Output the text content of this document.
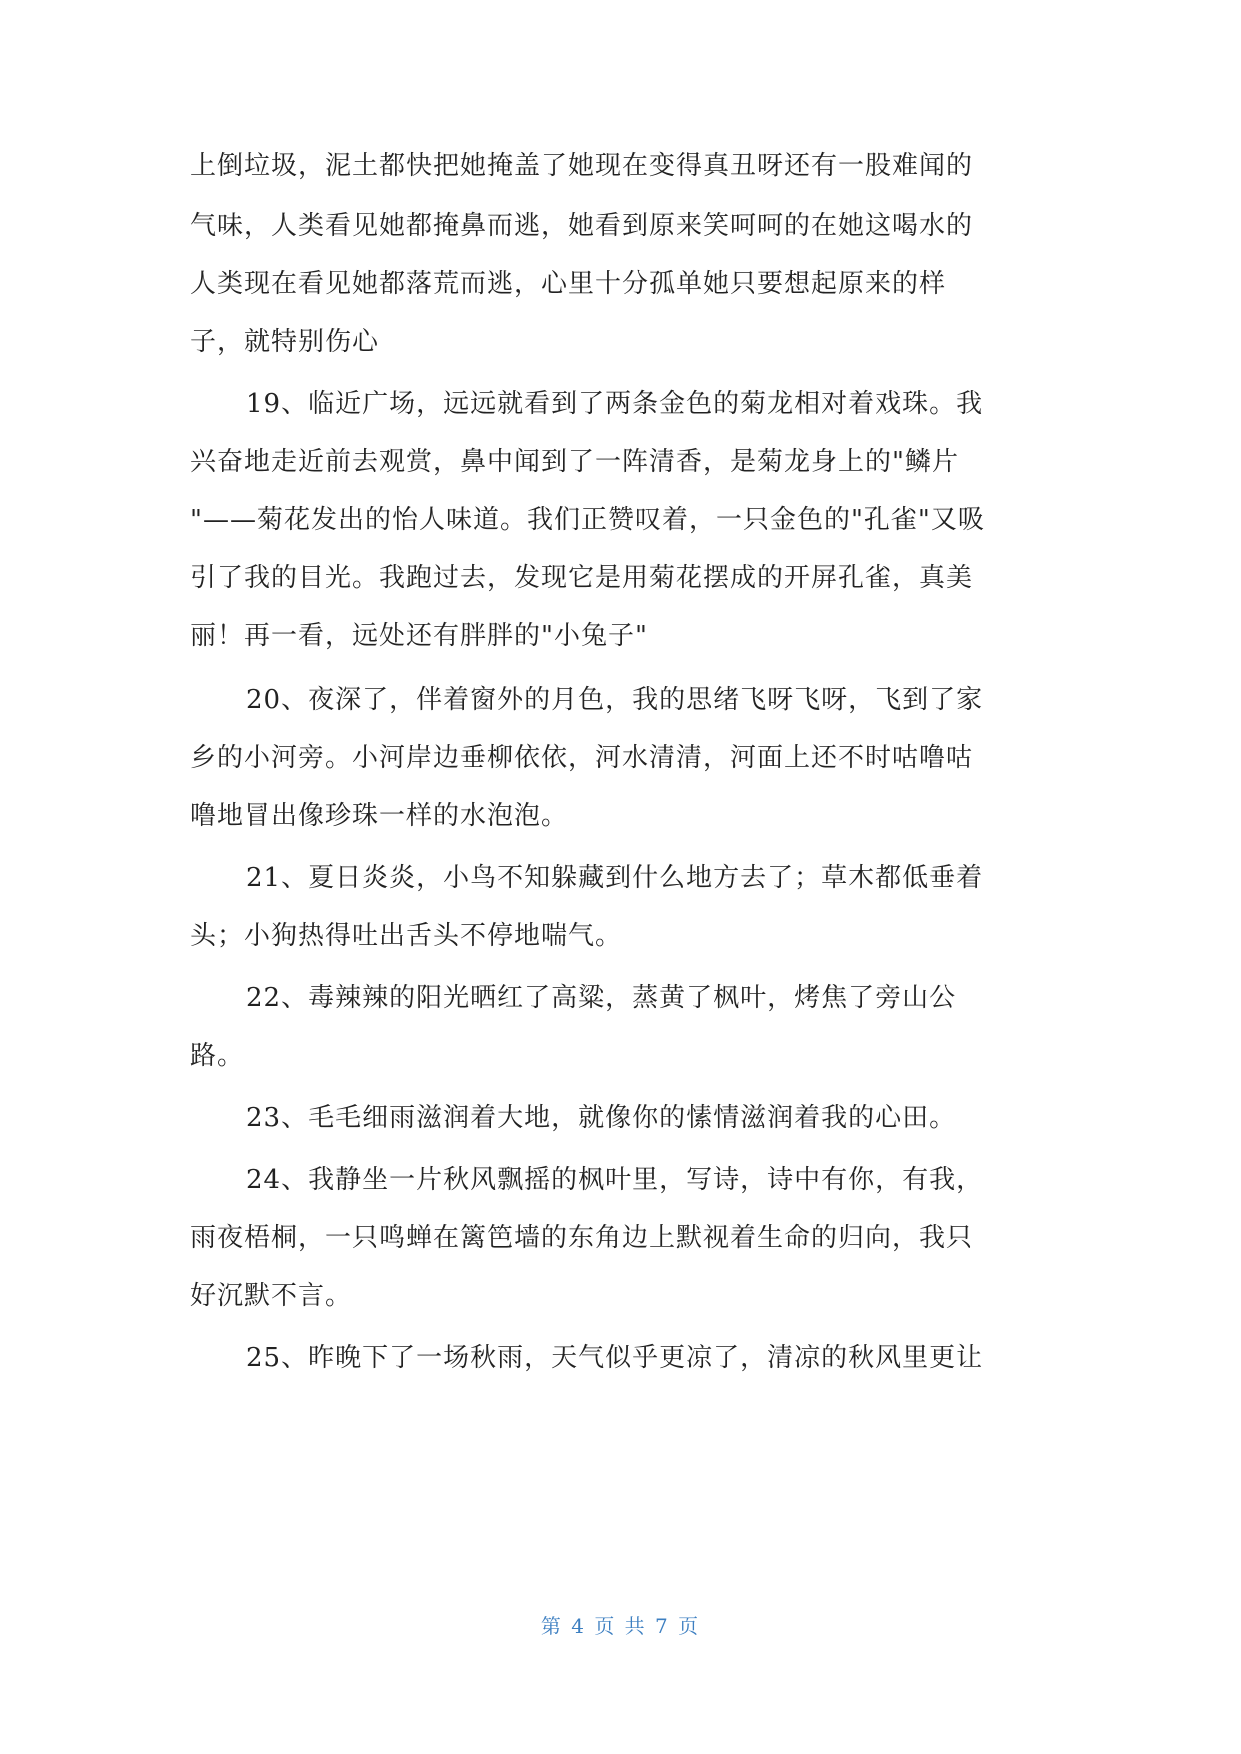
上倒垃圾，泥土都快把她掩盖了她现在变得真丑呀还有一股难闻的
气味，人类看见她都掩鼻而逃，她看到原来笑呵呵的在她这喝水的
人类现在看见她都落荒而逃，心里十分孤单她只要想起原来的样
子，就特别伤心
19、临近广场，远远就看到了两条金色的菊龙相对着戏珠。我
兴奋地走近前去观赏，鼻中闻到了一阵清香，是菊龙身上的"鳞片
"——菊花发出的怡人味道。我们正赞叹着，一只金色的"孔雀"又吸
引了我的目光。我跑过去，发现它是用菊花摆成的开屏孔雀，真美
丽！再一看，远处还有胖胖的"小兔子"
20、夜深了，伴着窗外的月色，我的思绪飞呀飞呀，飞到了家
乡的小河旁。小河岸边垂柳依依，河水清清，河面上还不时咕噜咕
噜地冒出像珍珠一样的水泡泡。
21、夏日炎炎，小鸟不知躲藏到什么地方去了；草木都低垂着
头；小狗热得吐出舌头不停地喘气。
22、毒辣辣的阳光晒红了高粱，蒸黄了枫叶，烤焦了旁山公
路。
23、毛毛细雨滋润着大地，就像你的愫情滋润着我的心田。
24、我静坐一片秋风飘摇的枫叶里，写诗，诗中有你，有我，
雨夜梧桐，一只鸣蝉在篱笆墙的东角边上默视着生命的归向，我只
好沉默不言。
25、昨晚下了一场秋雨，天气似乎更凉了，清凉的秋风里更让
第 4 页 共 7 页
